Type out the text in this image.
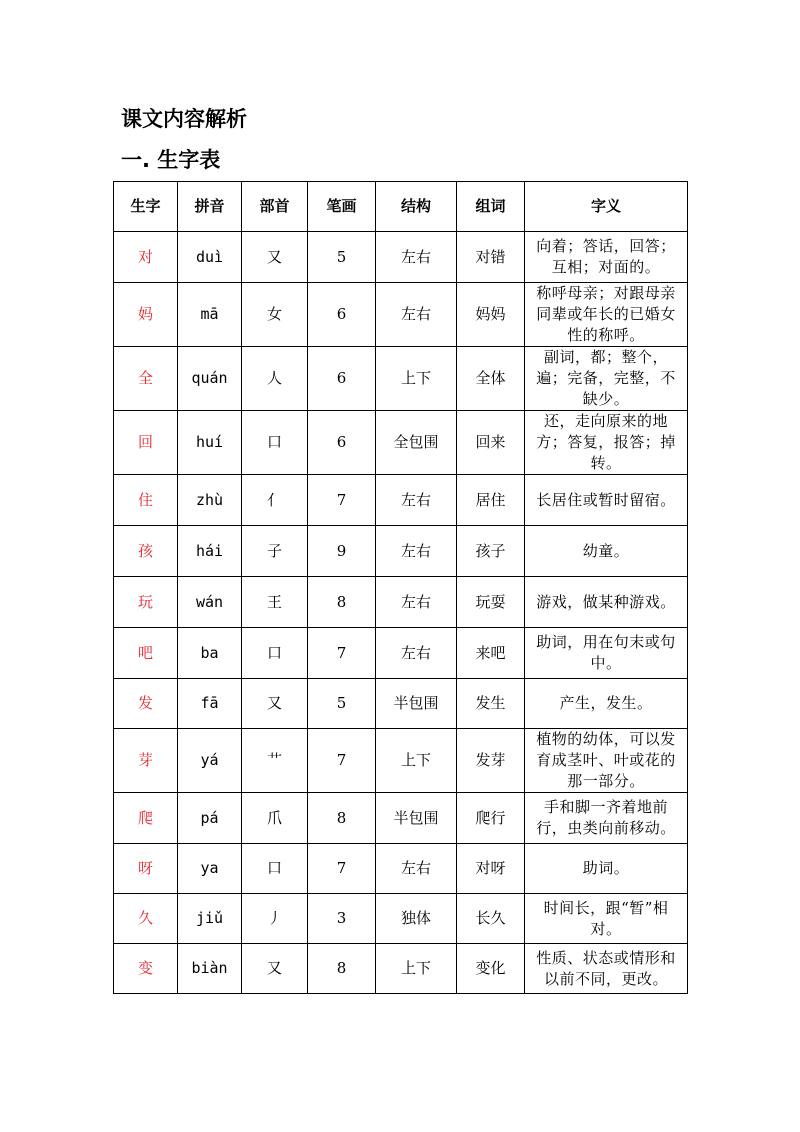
课文内容解析
一. 生字表
生字	拼音	部首	笔画	结构	组词	字义
对	duì	又	5	左右	对错	向着；答话，回答；互相；对面的。
妈	mā	女	6	左右	妈妈	称呼母亲；对跟母亲同辈或年长的已婚女性的称呼。
全	quán	人	6	上下	全体	副词，都；整个，遍；完备，完整，不缺少。
回	huí	口	6	全包围	回来	还，走向原来的地方；答复，报答；掉转。
住	zhù	亻	7	左右	居住	长居住或暂时留宿。
孩	hái	子	9	左右	孩子	幼童。
玩	wán	王	8	左右	玩耍	游戏，做某种游戏。
吧	ba	口	7	左右	来吧	助词，用在句末或句中。
发	fā	又	5	半包围	发生	产生，发生。
芽	yá	艹	7	上下	发芽	植物的幼体，可以发育成茎叶、叶或花的那一部分。
爬	pá	爪	8	半包围	爬行	手和脚一齐着地前行，虫类向前移动。
呀	ya	口	7	左右	对呀	助词。
久	jiǔ	丿	3	独体	长久	时间长，跟“暂”相对。
变	biàn	又	8	上下	变化	性质、状态或情形和以前不同，更改。
